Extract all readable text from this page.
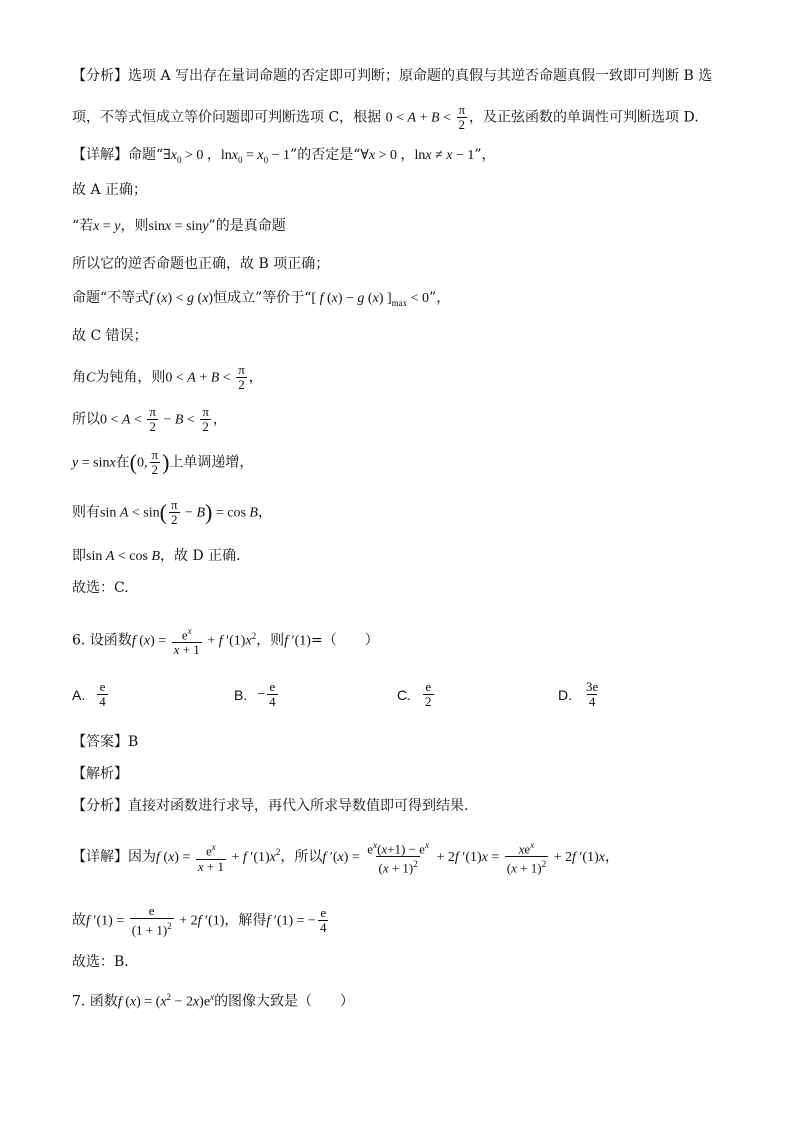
【分析】选项 A 写出存在量词命题的否定即可判断；原命题的真假与其逆否命题真假一致即可判断 B 选
项，不等式恒成立等价问题即可判断选项 C，根据 $0 < A + B < \frac{\pi}{2}$ ，及正弦函数的单调性可判断选项 D.
【详解】命题“$\exists x_0 > 0$ ，$\ln x_0 = x_0 - 1$”的否定是“∀x > 0 ，lnx ≠ x − 1”，
故 A 正确；
“若x = y，则sinx = siny”的是真命题
所以它的逆否命题也正确，故 B 项正确；
命题“不等式f (x) < g (x)恒成立”等价于“[ f (x) − g (x) ]$_{max} < 0$”，
故 C 错误；
角C为钝角，则$0 < A + B < \frac{\pi}{2}$ ，
所以$0 < A < \frac{\pi}{2} - B < \frac{\pi}{2}$ ，
y = sinx在(0, $\frac{\pi}{2}$ )上单调递增，
则有$\sin A < \sin( \frac{\pi}{2} - B) = \cos B$，
即sin A < cos B，故 D 正确.
故选：C.
6. 设函数f $(x) = \frac{e^x}{x + 1} + f$ $'(1)x^2$，则f ′(1)=（　　）
A. $\frac{e}{4}$	B. − $\frac{e}{4}$	C. $\frac{e}{2}$	D. $\frac{3e}{4}$
【答案】B
【解析】
【分析】直接对函数进行求导，再代入所求导数值即可得到结果.
【详解】因为f $(x) = \frac{e^x}{x + 1} + f$ $'(1)x^2$，所以f $'(x) = \frac{e^x(x+1) - e^x}{(x + 1)^2} + 2f$ $'(1)x = \frac{xe^x}{(x + 1)^2} + 2f$ ′(1)x，
故f $'(1) = \frac{e}{(1 + 1)^2} + 2f$ ′(1)，解得f ′(1) = − $\frac{e}{4}$
故选：B.
7. 函数f $(x) = (x^2 - 2x)e^x$的图像大致是（　　）
